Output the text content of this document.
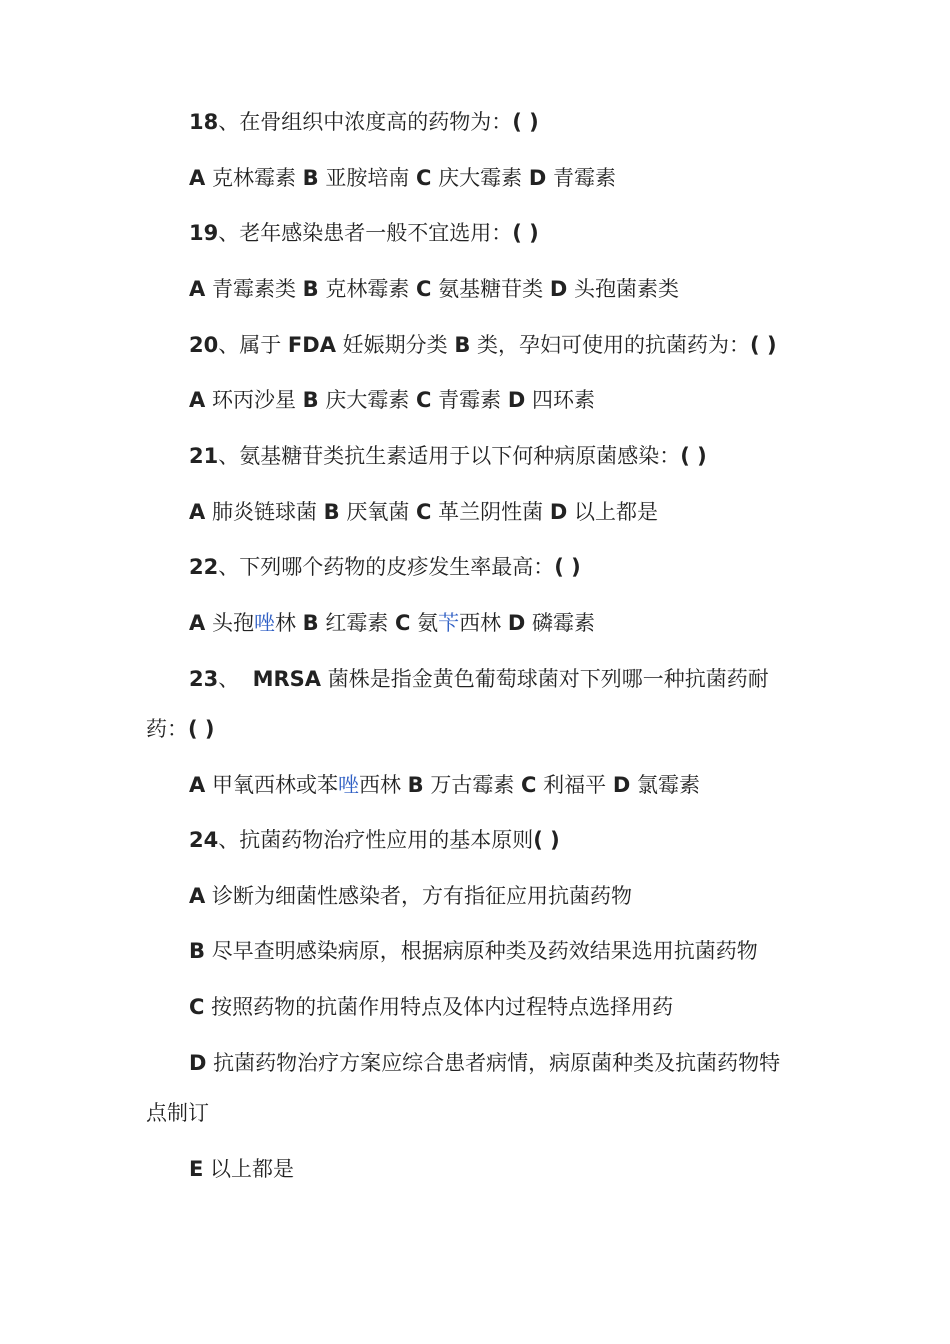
18、在骨组织中浓度高的药物为：( )
A 克林霉素 B 亚胺培南 C 庆大霉素 D 青霉素
19、老年感染患者一般不宜选用：( )
A 青霉素类 B 克林霉素 C 氨基糖苷类 D 头孢菌素类
20、属于 FDA 妊娠期分类 B 类，孕妇可使用的抗菌药为：( )
A 环丙沙星 B 庆大霉素 C 青霉素 D 四环素
21、氨基糖苷类抗生素适用于以下何种病原菌感染：( )
A 肺炎链球菌 B 厌氧菌 C 革兰阴性菌 D 以上都是
22、下列哪个药物的皮疹发生率最高：( )
A 头孢唑林 B 红霉素 C 氨苄西林 D 磷霉素
23、 MRSA 菌株是指金黄色葡萄球菌对下列哪一种抗菌药耐
药：( )
A 甲氧西林或苯唑西林 B 万古霉素 C 利福平 D 氯霉素
24、抗菌药物治疗性应用的基本原则( )
A 诊断为细菌性感染者，方有指征应用抗菌药物
B 尽早查明感染病原，根据病原种类及药效结果选用抗菌药物
C 按照药物的抗菌作用特点及体内过程特点选择用药
D 抗菌药物治疗方案应综合患者病情，病原菌种类及抗菌药物特
点制订
E 以上都是
